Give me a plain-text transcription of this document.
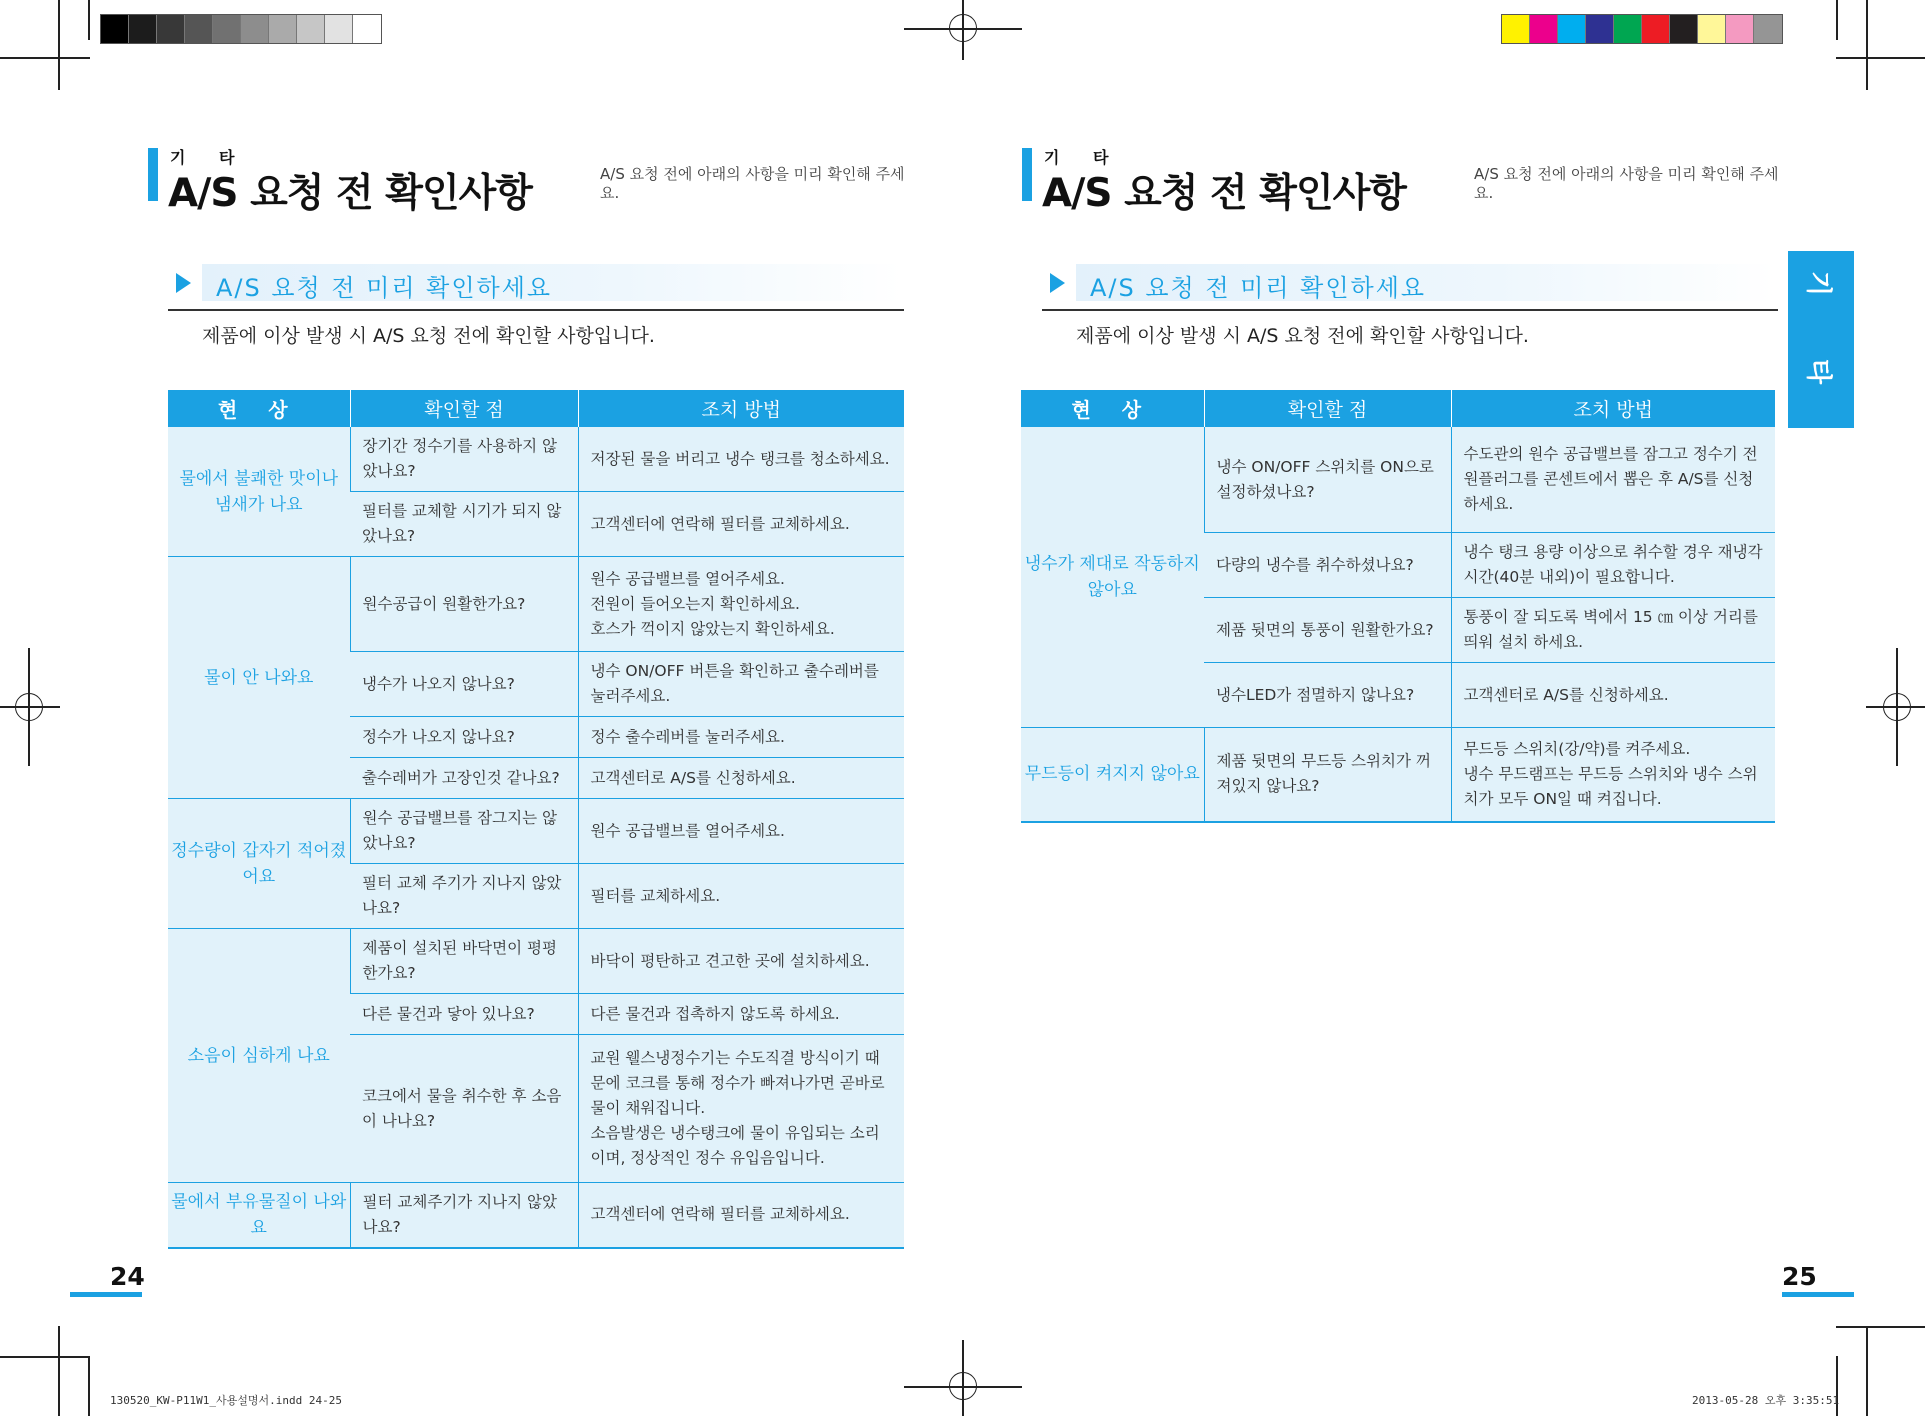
기 타
A/S 요청 전 확인사항	A/S 요청 전에 아래의 사항을 미리 확인해 주세요.
A/S 요청 전 미리 확인하세요
제품에 이상 발생 시 A/S 요청 전에 확인할 사항입니다.
현 상	확인할 점	조치 방법
물에서 불쾌한 맛이나 냄새가 나요	장기간 정수기를 사용하지 않았나요?	저장된 물을 버리고 냉수 탱크를 청소하세요.
	필터를 교체할 시기가 되지 않았나요?	고객센터에 연락해 필터를 교체하세요.
물이 안 나와요	원수공급이 원활한가요?	원수 공급밸브를 열어주세요.
전원이 들어오는지 확인하세요.
호스가 꺽이지 않았는지 확인하세요.
	냉수가 나오지 않나요?	냉수 ON/OFF 버튼을 확인하고 출수레버를 눌러주세요.
	정수가 나오지 않나요?	정수 출수레버를 눌러주세요.
	출수레버가 고장인것 같나요?	고객센터로 A/S를 신청하세요.
정수량이 갑자기 적어졌어요	원수 공급밸브를 잠그지는 않았나요?	원수 공급밸브를 열어주세요.
	필터 교체 주기가 지나지 않았나요?	필터를 교체하세요.
소음이 심하게 나요	제품이 설치된 바닥면이 평평한가요?	바닥이 평탄하고 견고한 곳에 설치하세요.
	다른 물건과 닿아 있나요?	다른 물건과 접촉하지 않도록 하세요.
	코크에서 물을 취수한 후 소음이 나나요?	교원 웰스냉정수기는 수도직결 방식이기 때문에 코크를 통해 정수가 빠져나가면 곧바로 물이 채워집니다.
소음발생은 냉수탱크에 물이 유입되는 소리이며, 정상적인 정수 유입음입니다.
물에서 부유물질이 나와요	필터 교체주기가 지나지 않았나요?	고객센터에 연락해 필터를 교체하세요.
24
기 타
A/S 요청 전 확인사항	A/S 요청 전에 아래의 사항을 미리 확인해 주세요.
A/S 요청 전 미리 확인하세요
제품에 이상 발생 시 A/S 요청 전에 확인할 사항입니다.
현 상	확인할 점	조치 방법
냉수가 제대로 작동하지 않아요	냉수 ON/OFF 스위치를 ON으로 설정하셨나요?	수도관의 원수 공급밸브를 잠그고 정수기 전원플러그를 콘센트에서 뽑은 후 A/S를 신청하세요.
	다량의 냉수를 취수하셨나요?	냉수 탱크 용량 이상으로 취수할 경우 재냉각 시간(40분 내외)이 필요합니다.
	제품 뒷면의 통풍이 원활한가요?	통풍이 잘 되도록 벽에서 15 ㎝ 이상 거리를 띄워 설치 하세요.
	냉수LED가 점멸하지 않나요?	고객센터로 A/S를 신청하세요.
무드등이 켜지지 않아요	제품 뒷면의 무드등 스위치가 꺼져있지 않나요?	무드등 스위치(강/약)를 켜주세요.
냉수 무드램프는 무드등 스위치와 냉수 스위치가 모두 ON일 때 켜집니다.
기
타
25
130520_KW-P11W1_사용설명서.indd 24-25	2013-05-28 오후 3:35:51
